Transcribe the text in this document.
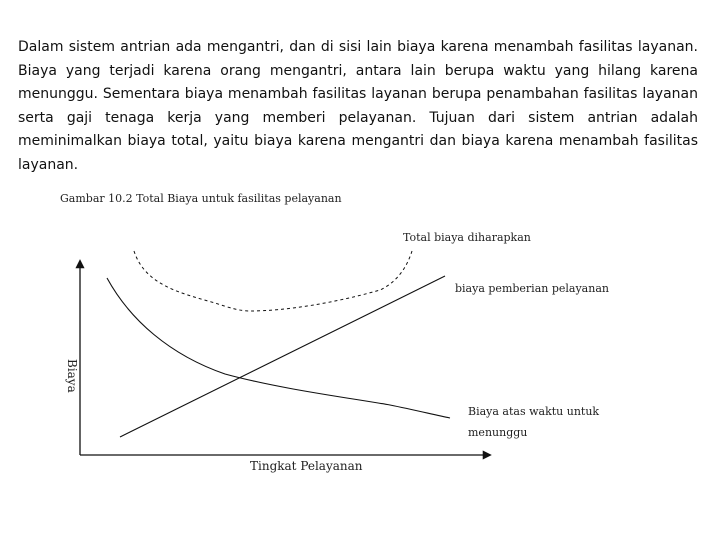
Dalam sistem antrian ada mengantri, dan di sisi lain biaya karena menambah fasilitas layanan. Biaya yang terjadi karena orang mengantri, antara lain berupa waktu yang hilang karena menunggu. Sementara biaya menambah fasilitas layanan berupa penambahan fasilitas layanan serta gaji tenaga kerja yang memberi pelayanan. Tujuan dari sistem antrian adalah meminimalkan biaya total, yaitu biaya karena mengantri dan biaya karena menambah fasilitas layanan.

Gambar 10.2 Total Biaya untuk fasilitas pelayanan
Biaya
Tingkat Pelayanan
Total biaya diharapkan
biaya pemberian pelayanan
Biaya atas waktu untuk
menunggu
